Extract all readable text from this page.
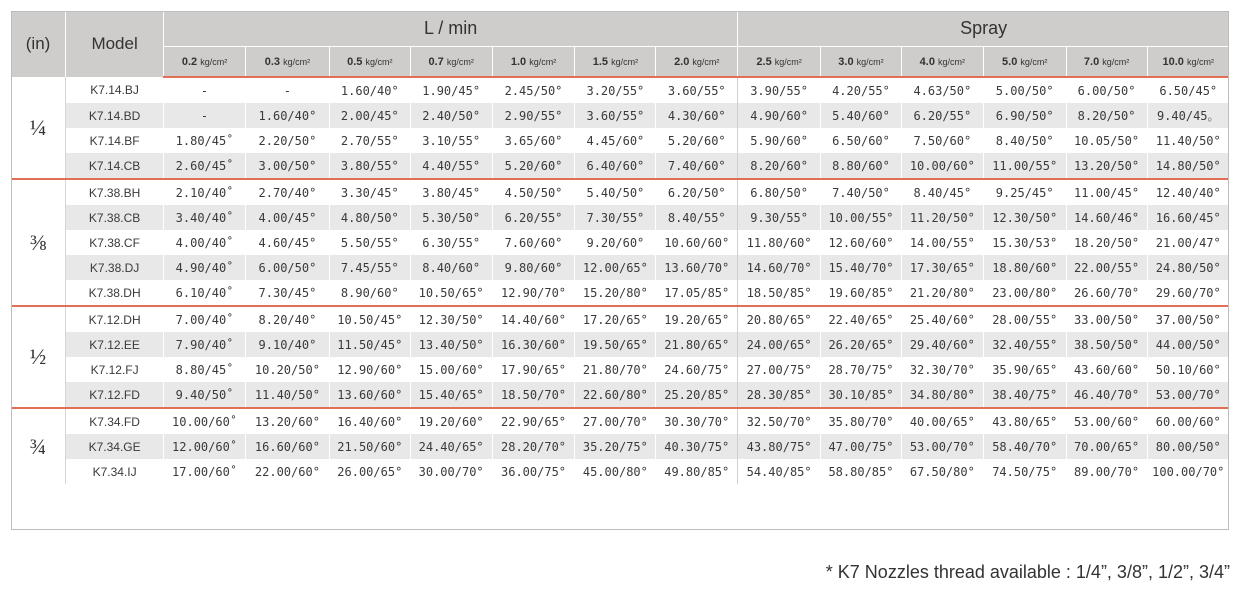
(in)	Model	L / min							Spray					
		0.2 kg/cm²	0.3 kg/cm²	0.5 kg/cm²	0.7 kg/cm²	1.0 kg/cm²	1.5 kg/cm²	2.0 kg/cm²	2.5 kg/cm²	3.0 kg/cm²	4.0 kg/cm²	5.0 kg/cm²	7.0 kg/cm²	10.0 kg/cm²
¼	K7.14.BJ	-	-	1.60/40°	1.90/45°	2.45/50°	3.20/55°	3.60/55°	3.90/55°	4.20/55°	4.63/50°	5.00/50°	6.00/50°	6.50/45°
	K7.14.BD	-	1.60/40°	2.00/45°	2.40/50°	2.90/55°	3.60/55°	4.30/60°	4.90/60°	5.40/60°	6.20/55°	6.90/50°	8.20/50°	9.40/45。
	K7.14.BF	1.80/45˚	2.20/50°	2.70/55°	3.10/55°	3.65/60°	4.45/60°	5.20/60°	5.90/60°	6.50/60°	7.50/60°	8.40/50°	10.05/50°	11.40/50°
	K7.14.CB	2.60/45˚	3.00/50°	3.80/55°	4.40/55°	5.20/60°	6.40/60°	7.40/60°	8.20/60°	8.80/60°	10.00/60°	11.00/55°	13.20/50°	14.80/50°
⅜	K7.38.BH	2.10/40˚	2.70/40°	3.30/45°	3.80/45°	4.50/50°	5.40/50°	6.20/50°	6.80/50°	7.40/50°	8.40/45°	9.25/45°	11.00/45°	12.40/40°
	K7.38.CB	3.40/40˚	4.00/45°	4.80/50°	5.30/50°	6.20/55°	7.30/55°	8.40/55°	9.30/55°	10.00/55°	11.20/50°	12.30/50°	14.60/46°	16.60/45°
	K7.38.CF	4.00/40˚	4.60/45°	5.50/55°	6.30/55°	7.60/60°	9.20/60°	10.60/60°	11.80/60°	12.60/60°	14.00/55°	15.30/53°	18.20/50°	21.00/47°
	K7.38.DJ	4.90/40˚	6.00/50°	7.45/55°	8.40/60°	9.80/60°	12.00/65°	13.60/70°	14.60/70°	15.40/70°	17.30/65°	18.80/60°	22.00/55°	24.80/50°
	K7.38.DH	6.10/40˚	7.30/45°	8.90/60°	10.50/65°	12.90/70°	15.20/80°	17.05/85°	18.50/85°	19.60/85°	21.20/80°	23.00/80°	26.60/70°	29.60/70°
½	K7.12.DH	7.00/40˚	8.20/40°	10.50/45°	12.30/50°	14.40/60°	17.20/65°	19.20/65°	20.80/65°	22.40/65°	25.40/60°	28.00/55°	33.00/50°	37.00/50°
	K7.12.EE	7.90/40˚	9.10/40°	11.50/45°	13.40/50°	16.30/60°	19.50/65°	21.80/65°	24.00/65°	26.20/65°	29.40/60°	32.40/55°	38.50/50°	44.00/50°
	K7.12.FJ	8.80/45˚	10.20/50°	12.90/60°	15.00/60°	17.90/65°	21.80/70°	24.60/75°	27.00/75°	28.70/75°	32.30/70°	35.90/65°	43.60/60°	50.10/60°
	K7.12.FD	9.40/50˚	11.40/50°	13.60/60°	15.40/65°	18.50/70°	22.60/80°	25.20/85°	28.30/85°	30.10/85°	34.80/80°	38.40/75°	46.40/70°	53.00/70°
¾	K7.34.FD	10.00/60˚	13.20/60°	16.40/60°	19.20/60°	22.90/65°	27.00/70°	30.30/70°	32.50/70°	35.80/70°	40.00/65°	43.80/65°	53.00/60°	60.00/60°
	K7.34.GE	12.00/60˚	16.60/60°	21.50/60°	24.40/65°	28.20/70°	35.20/75°	40.30/75°	43.80/75°	47.00/75°	53.00/70°	58.40/70°	70.00/65°	80.00/50°
	K7.34.IJ	17.00/60˚	22.00/60°	26.00/65°	30.00/70°	36.00/75°	45.00/80°	49.80/85°	54.40/85°	58.80/85°	67.50/80°	74.50/75°	89.00/70°	100.00/70°
* K7 Nozzles thread available : 1/4”, 3/8”, 1/2”, 3/4”
